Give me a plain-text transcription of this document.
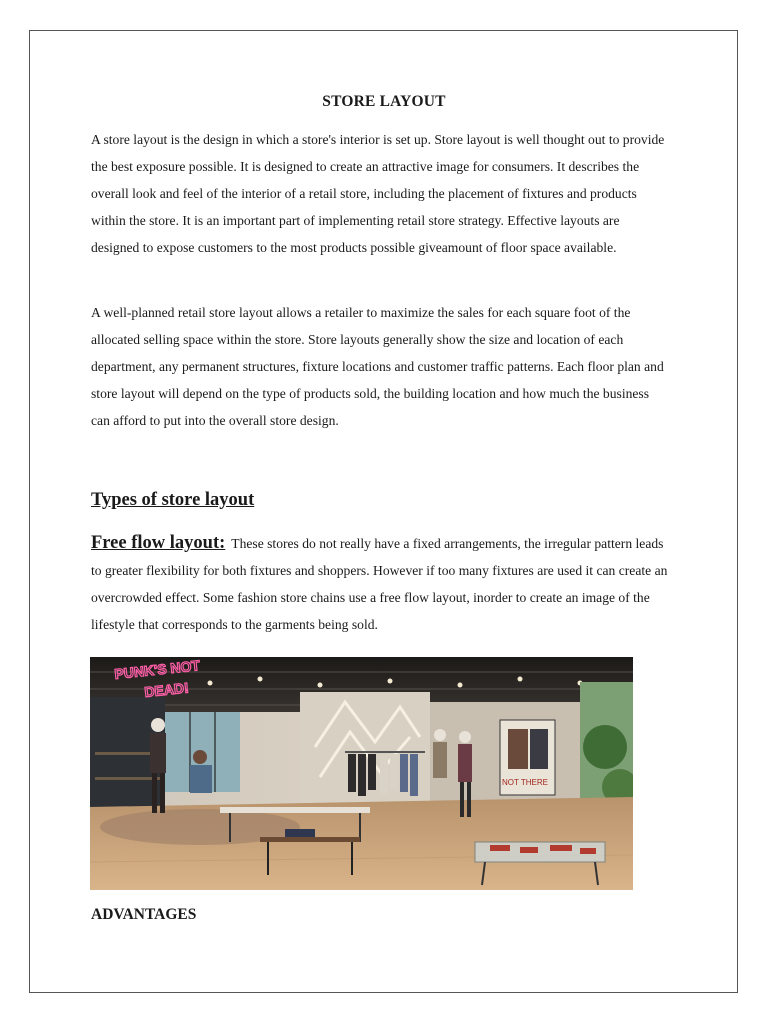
STORE LAYOUT

A store layout is the design in which a store's interior is set up. Store layout is well thought out to provide the best exposure possible. It is designed to create an attractive image for consumers. It describes the overall look and feel of the interior of a retail store, including the placement of fixtures and products within the store. It is an important part of implementing retail store strategy. Effective layouts are designed to expose customers to the most products possible giveamount of floor space available.

A well-planned retail store layout allows a retailer to maximize the sales for each square foot of the allocated selling space within the store. Store layouts generally show the size and location of each department, any permanent structures, fixture locations and customer traffic patterns. Each floor plan and store layout will depend on the type of products sold, the building location and how much the business can afford to put into the overall store design.

Types of store layout

Free flow layout: These stores do not really have a fixed arrangements, the irregular pattern leads to greater flexibility for both fixtures and shoppers. However if too many fixtures are used it can create an overcrowded effect. Some fashion store chains use a free flow layout, inorder to create an image of the lifestyle that corresponds to the garments being sold.

NOT THERE
PUNK'S NOT
DEAD!
ADVANTAGES
